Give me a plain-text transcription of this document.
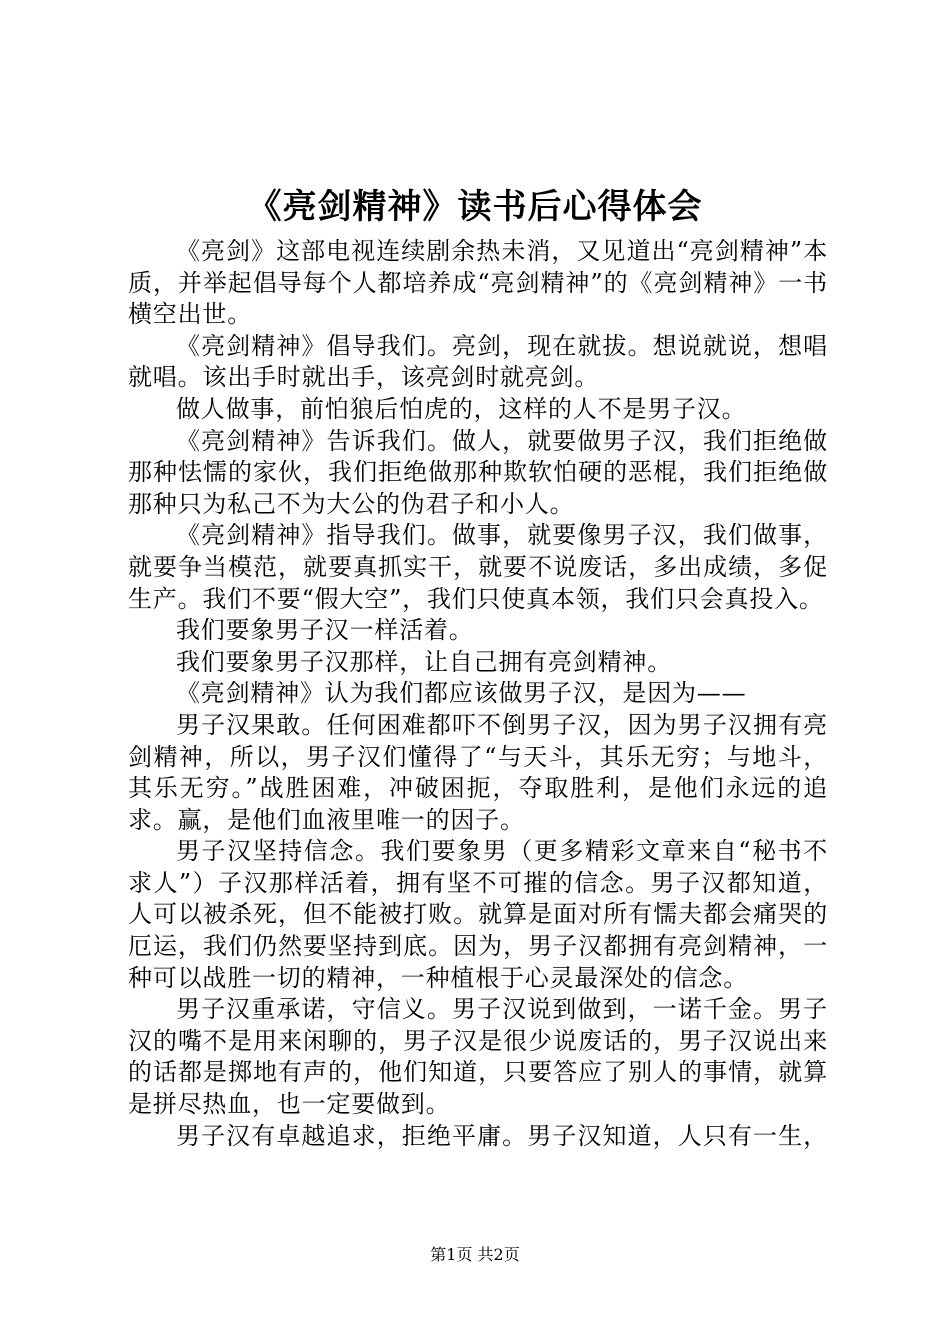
《亮剑精神》读书后心得体会

《亮剑》这部电视连续剧余热未消，又见道出“亮剑精神”本质，并举起倡导每个人都培养成“亮剑精神”的《亮剑精神》一书横空出世。

《亮剑精神》倡导我们。亮剑，现在就拔。想说就说，想唱就唱。该出手时就出手，该亮剑时就亮剑。

做人做事，前怕狼后怕虎的，这样的人不是男子汉。

《亮剑精神》告诉我们。做人，就要做男子汉，我们拒绝做那种怯懦的家伙，我们拒绝做那种欺软怕硬的恶棍，我们拒绝做那种只为私己不为大公的伪君子和小人。

《亮剑精神》指导我们。做事，就要像男子汉，我们做事，就要争当模范，就要真抓实干，就要不说废话，多出成绩，多促生产。我们不要“假大空”，我们只使真本领，我们只会真投入。

我们要象男子汉一样活着。

我们要象男子汉那样，让自己拥有亮剑精神。

《亮剑精神》认为我们都应该做男子汉，是因为——

男子汉果敢。任何困难都吓不倒男子汉，因为男子汉拥有亮剑精神，所以，男子汉们懂得了“与天斗，其乐无穷；与地斗，其乐无穷。”战胜困难，冲破困扼，夺取胜利，是他们永远的追求。赢，是他们血液里唯一的因子。

男子汉坚持信念。我们要象男（更多精彩文章来自“秘书不求人”）子汉那样活着，拥有坚不可摧的信念。男子汉都知道，人可以被杀死，但不能被打败。就算是面对所有懦夫都会痛哭的厄运，我们仍然要坚持到底。因为，男子汉都拥有亮剑精神，一种可以战胜一切的精神，一种植根于心灵最深处的信念。

男子汉重承诺，守信义。男子汉说到做到，一诺千金。男子汉的嘴不是用来闲聊的，男子汉是很少说废话的，男子汉说出来的话都是掷地有声的，他们知道，只要答应了别人的事情，就算是拼尽热血，也一定要做到。

男子汉有卓越追求，拒绝平庸。男子汉知道，人只有一生，

第1页 共2页
